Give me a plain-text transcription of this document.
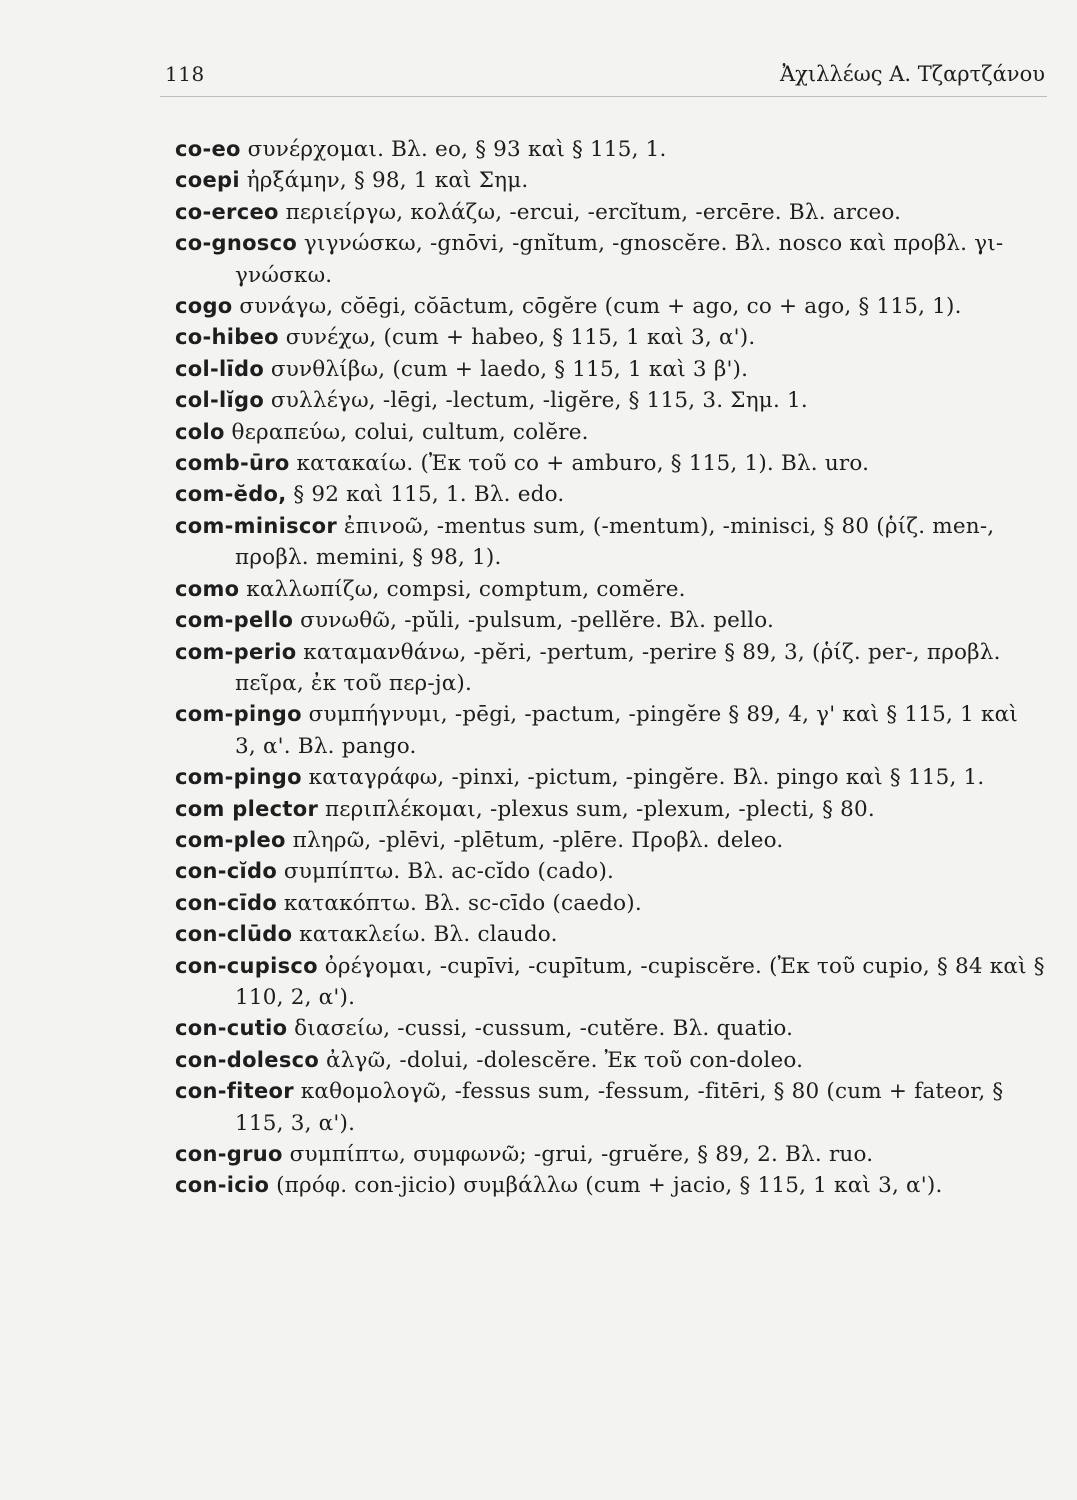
118	Ἀχιλλέως Α. Τζαρτζάνου
co-eo συνέρχομαι. Βλ. eo, § 93 καὶ § 115, 1.
coepi ἠρξάμην, § 98, 1 καὶ Σημ.
co-erceo περιείργω, κολάζω, -ercui, -ercĭtum, -ercēre. Βλ. arceo.
co-gnosco γιγνώσκω, -gnōvi, -gnĭtum, -gnoscĕre. Βλ. nosco καὶ προβλ. γι-γνώσκω.
cogo συνάγω, cŏēgi, cŏāctum, cōgĕre (cum + ago, co + ago, § 115, 1).
co-hibeo συνέχω, (cum + habeo, § 115, 1 καὶ 3, α').
col-līdo συνθλίβω, (cum + laedo, § 115, 1 καὶ 3 β').
col-lĭgo συλλέγω, -lēgi, -lectum, -ligĕre, § 115, 3. Σημ. 1.
colo θεραπεύω, colui, cultum, colĕre.
comb-ūro κατακαίω. (Ἐκ τοῦ co + amburo, § 115, 1). Βλ. uro.
com-ĕdo, § 92 καὶ 115, 1. Βλ. edo.
com-miniscor ἐπινοῶ, -mentus sum, (-mentum), -minisci, § 80 (ῥίζ. men-, προβλ. memini, § 98, 1).
como καλλωπίζω, compsi, comptum, comĕre.
com-pello συνωθῶ, -pŭli, -pulsum, -pellĕre. Βλ. pello.
com-perio καταμανθάνω, -pĕri, -pertum, -perire § 89, 3, (ῥίζ. per-, προβλ. πεῖρα, ἐκ τοῦ περ-jα).
com-pingo συμπήγνυμι, -pēgi, -pactum, -pingĕre § 89, 4, γ' καὶ § 115, 1 καὶ 3, α'. Βλ. pango.
com-pingo καταγράφω, -pinxi, -pictum, -pingĕre. Βλ. pingo καὶ § 115, 1.
com plector περιπλέκομαι, -plexus sum, -plexum, -plecti, § 80.
com-pleo πληρῶ, -plēvi, -plētum, -plēre. Προβλ. deleo.
con-cĭdo συμπίπτω. Βλ. ac-cĭdo (cado).
con-cīdo κατακόπτω. Βλ. sc-cīdo (caedo).
con-clūdo κατακλείω. Βλ. claudo.
con-cupisco ὀρέγομαι, -cupīvi, -cupītum, -cupiscĕre. (Ἐκ τοῦ cupio, § 84 καὶ § 110, 2, α').
con-cutio διασείω, -cussi, -cussum, -cutĕre. Βλ. quatio.
con-dolesco ἀλγῶ, -dolui, -dolescĕre. Ἐκ τοῦ con-doleo.
con-fiteor καθομολογῶ, -fessus sum, -fessum, -fitēri, § 80 (cum + fateor, § 115, 3, α').
con-gruo συμπίπτω, συμφωνῶ; -grui, -gruĕre, § 89, 2. Βλ. ruo.
con-icio (πρόφ. con-jicio) συμβάλλω (cum + jacio, § 115, 1 καὶ 3, α').
